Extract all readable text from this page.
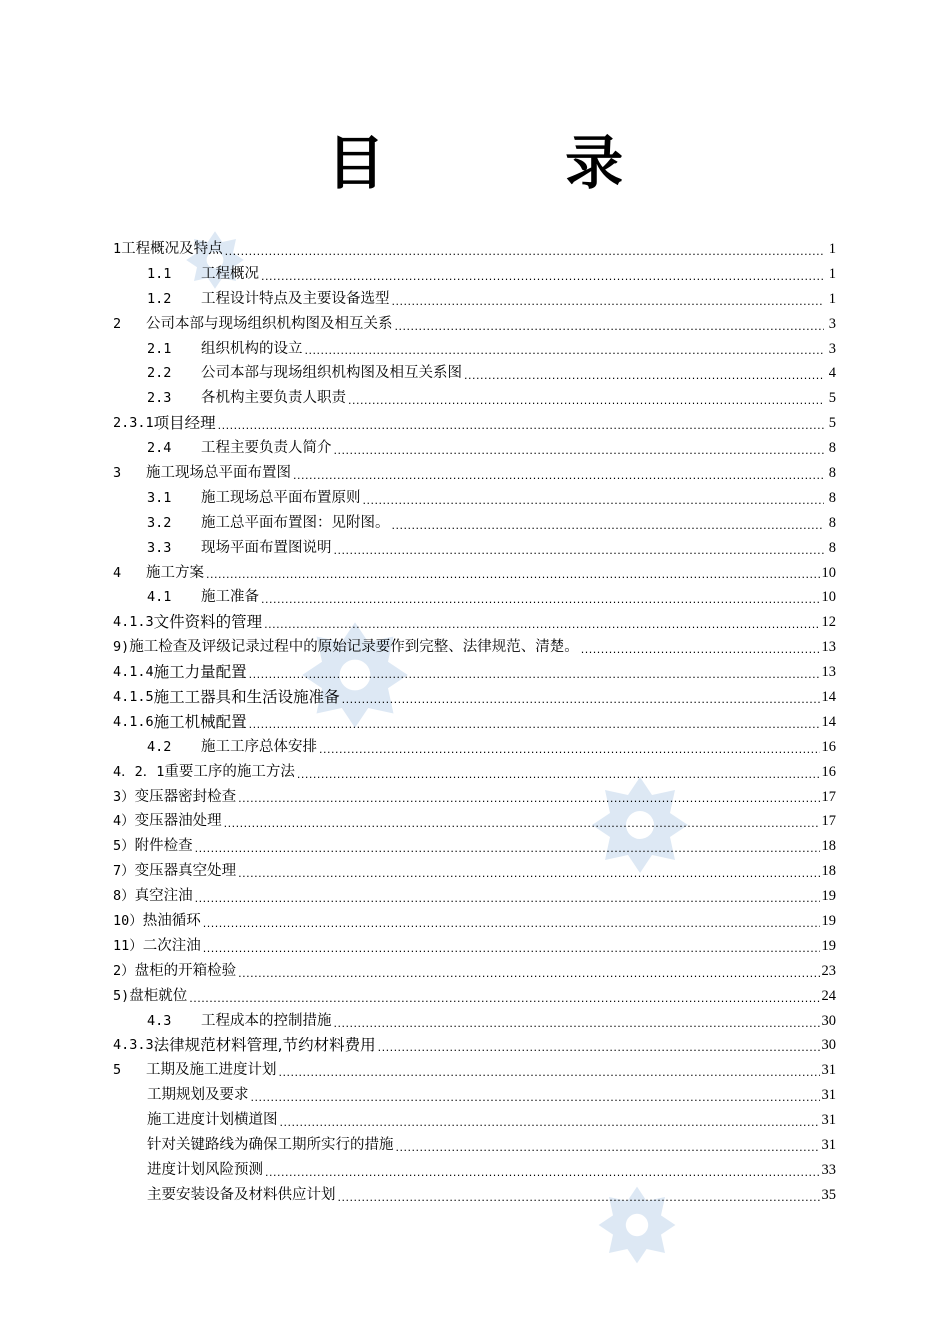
目 录
1 工程概况及特点 .....	1
1.1	工程概况 .....	1
1.2	工程设计特点及主要设备选型 .....	1
2	公司本部与现场组织机构图及相互关系 .....	3
2.1	组织机构的设立 .....	3
2.2	公司本部与现场组织机构图及相互关系图 .....	4
2.3	各机构主要负责人职责 .....	5
2.3.1 项目经理 .....	5
2.4	工程主要负责人简介 .....	8
3	施工现场总平面布置图 .....	8
3.1	施工现场总平面布置原则 .....	8
3.2	施工总平面布置图：见附图。 .....	8
3.3	现场平面布置图说明 .....	8
4	施工方案 .....	10
4.1	施工准备 .....	10
4.1.3 文件资料的管理 .....	12
9) 施工检查及评级记录过程中的原始记录要作到完整、法律规范、清楚。 .....	13
4.1.4 施工力量配置 .....	13
4.1.5 施工工器具和生活设施准备 .....	14
4.1.6 施工机械配置 .....	14
4.2	施工工序总体安排 .....	16
4．2．1 重要工序的施工方法 .....	16
3） 变压器密封检查 .....	17
4） 变压器油处理 .....	17
5） 附件检查 .....	18
7） 变压器真空处理 .....	18
8） 真空注油 .....	19
10） 热油循环 .....	19
11） 二次注油 .....	19
2） 盘柜的开箱检验 .....	23
5) 盘柜就位 .....	24
4.3	工程成本的控制措施 .....	30
4.3.3 法律规范材料管理,节约材料费用 .....	30
5	工期及施工进度计划 .....	31
工期规划及要求 .....	31
施工进度计划横道图 .....	31
针对关键路线为确保工期所实行的措施 .....	31
进度计划风险预测 .....	33
主要安装设备及材料供应计划 .....	35
